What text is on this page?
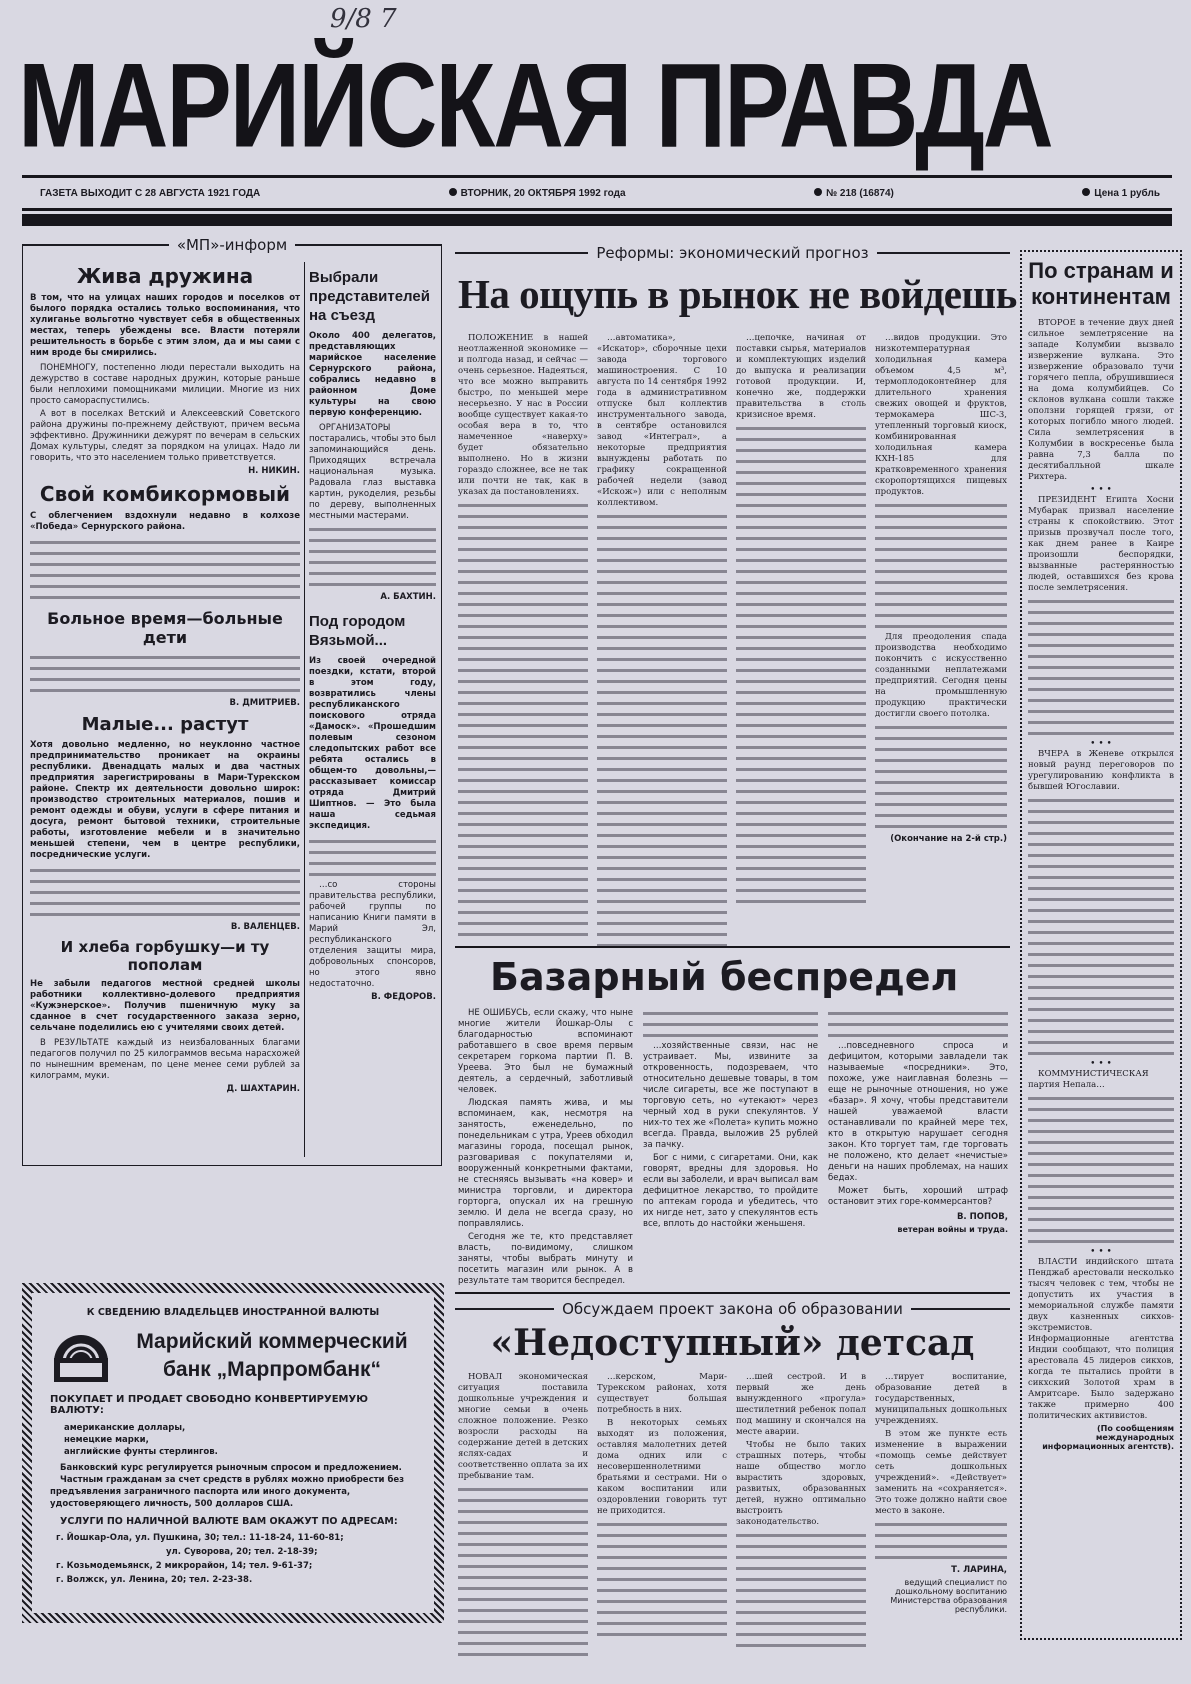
9/8 7
МАРИЙСКАЯ ПРАВДА
ГАЗЕТА ВЫХОДИТ С 28 АВГУСТА 1921 ГОДА	ВТОРНИК, 20 ОКТЯБРЯ 1992 года	№ 218 (16874)	Цена 1 рубль
«МП»-информ
Жива дружина
В том, что на улицах наших городов и поселков от былого порядка остались только воспоминания, что хулиганье вольготно чувствует себя в общественных местах, теперь убеждены все. Власти потеряли решительность в борьбе с этим злом, да и мы сами с ним вроде бы смирились.
ПОНЕМНОГУ, постепенно люди перестали выходить на дежурство в составе народных дружин, которые раньше были неплохими помощниками милиции. Многие из них просто самораспустились.
А вот в поселках Ветский и Алексеевский Советского района дружины по-прежнему действуют, причем весьма эффективно. Дружинники дежурят по вечерам в сельских Домах культуры, следят за порядком на улицах. Надо ли говорить, что это населением только приветствуется.
Н. НИКИН.
Свой комбикормовый
С облегчением вздохнули недавно в колхозе «Победа» Сернурского района.
Больное время—больные дети
В. ДМИТРИЕВ.
Малые... растут
Хотя довольно медленно, но неуклонно частное предпринимательство проникает на окраины республики. Двенадцать малых и два частных предприятия зарегистрированы в Мари-Турекском районе. Спектр их деятельности довольно широк: производство строительных материалов, пошив и ремонт одежды и обуви, услуги в сфере питания и досуга, ремонт бытовой техники, строительные работы, изготовление мебели и в значительно меньшей степени, чем в центре республики, посреднические услуги.
В. ВАЛЕНЦЕВ.
И хлеба горбушку—и ту пополам
Не забыли педагогов местной средней школы работники коллективно-долевого предприятия «Кужэнерское». Получив пшеничную муку за сданное в счет государственного заказа зерно, сельчане поделились ею с учителями своих детей.
В РЕЗУЛЬТАТЕ каждый из неизбалованных благами педагогов получил по 25 килограммов весьма нарасхожей по нынешним временам, по цене менее семи рублей за килограмм, муки.
Д. ШАХТАРИН.
Выбрали представителей на съезд
Около 400 делегатов, представляющих марийское население Сернурского района, собрались недавно в районном Доме культуры на свою первую конференцию.
ОРГАНИЗАТОРЫ постарались, чтобы это был запоминающийся день. Приходящих встречала национальная музыка. Радовала глаз выставка картин, рукоделия, резьбы по дереву, выполненных местными мастерами.
А. БАХТИН.
Под городом Вязьмой...
Из своей очередной поездки, кстати, второй в этом году, возвратились члены республиканского поискового отряда «Дамоск». «Прошедшим полевым сезоном следопытских работ все ребята остались в общем-то довольны,— рассказывает комиссар отряда Дмитрий Шиптнов. — Это была наша седьмая экспедиция.
…со стороны правительства республики, рабочей группы по написанию Книги памяти в Марий Эл, республиканского отделения защиты мира, добровольных спонсоров, но этого явно недостаточно.
В. ФЕДОРОВ.
Реформы: экономический прогноз
На ощупь в рынок не войдешь
ПОЛОЖЕНИЕ в нашей неотлаженной экономике — и полгода назад, и сейчас — очень серьезное. Надеяться, что все можно выправить быстро, по меньшей мере несерьезно. У нас в России вообще существует какая-то особая вера в то, что намеченное «наверху» будет обязательно выполнено. Но в жизни гораздо сложнее, все не так или почти не так, как в указах да постановлениях.
…автоматика», «Искатор», сборочные цехи завода торгового машиностроения. С 10 августа по 14 сентября 1992 года в административном отпуске был коллектив инструментального завода, в сентябре остановился завод «Интеграл», а некоторые предприятия вынуждены работать по графику сокращенной рабочей недели (завод «Искож») или с неполным коллективом.
…цепочке, начиная от поставки сырья, материалов и комплектующих изделий до выпуска и реализации готовой продукции. И, конечно же, поддержки правительства в столь кризисное время.
…видов продукции. Это низкотемпературная холодильная камера объемом 4,5 м³, термоплодоконтейнер для длительного хранения свежих овощей и фруктов, термокамера ШС-3, утепленный торговый киоск, комбинированная холодильная камера КХН-185 для кратковременного хранения скоропортящихся пищевых продуктов.
Для преодоления спада производства необходимо покончить с искусственно созданными неплатежами предприятий. Сегодня цены на промышленную продукцию практически достигли своего потолка.
(Окончание на 2-й стр.)
Базарный беспредел
НЕ ОШИБУСЬ, если скажу, что ныне многие жители Йошкар-Олы с благодарностью вспоминают работавшего в свое время первым секретарем горкома партии П. В. Уреева. Это был не бумажный деятель, а сердечный, заботливый человек.
Людская память жива, и мы вспоминаем, как, несмотря на занятость, еженедельно, по понедельникам с утра, Уреев обходил магазины города, посещал рынок, разговаривая с покупателями и, вооруженный конкретными фактами, не стесняясь вызывать «на ковер» и министра торговли, и директора горторга, опускал их на грешную землю. И дела не всегда сразу, но поправлялись.
Сегодня же те, кто представляет власть, по-видимому, слишком заняты, чтобы выбрать минуту и посетить магазин или рынок. А в результате там творится беспредел.
…хозяйственные связи, нас не устраивает. Мы, извините за откровенность, подозреваем, что относительно дешевые товары, в том числе сигареты, все же поступают в торговую сеть, но «утекают» через черный ход в руки спекулянтов. У них-то тех же «Полета» купить можно всегда. Правда, выложив 25 рублей за пачку.
Бог с ними, с сигаретами. Они, как говорят, вредны для здоровья. Но если вы заболели, и врач выписал вам дефицитное лекарство, то пройдите по аптекам города и убедитесь, что их нигде нет, зато у спекулянтов есть все, вплоть до настойки женьшеня.
…повседневного спроса и дефицитом, которыми завладели так называемые «посредники». Это, похоже, уже наиглавная болезнь — еще не рыночные отношения, но уже «базар». Я хочу, чтобы представители нашей уважаемой власти останавливали по крайней мере тех, кто в открытую нарушает сегодня закон. Кто торгует там, где торговать не положено, кто делает «нечистые» деньги на наших проблемах, на наших бедах.
Может быть, хороший штраф остановит этих горе-коммерсантов?
В. ПОПОВ,
ветеран войны и труда.
Обсуждаем проект закона об образовании
«Недоступный» детсад
НОВАЛ экономическая ситуация поставила дошкольные учреждения и многие семьи в очень сложное положение. Резко возросли расходы на содержание детей в детских яслях-садах и соответственно оплата за их пребывание там.
…керском, Мари-Турекском районах, хотя существует большая потребность в них.
В некоторых семьях выходят из положения, оставляя малолетних детей дома одних или с несовершеннолетними братьями и сестрами. Ни о каком воспитании или оздоровлении говорить тут не приходится.
…шей сестрой. И в первый же день вынужденного «прогула» шестилетний ребенок попал под машину и скончался на месте аварии.
Чтобы не было таких страшных потерь, чтобы наше общество могло вырастить здоровых, развитых, образованных детей, нужно оптимально выстроить законодательство.
…тирует воспитание, образование детей в государственных, муниципальных дошкольных учреждениях.
В этом же пункте есть изменение в выражении «помощь семье действует сеть дошкольных учреждений». «Действует» заменить на «сохраняется». Это тоже должно найти свое место в законе.
Т. ЛАРИНА,
ведущий специалист по дошкольному воспитанию Министерства образования республики.
По странам и континентам
ВТОРОЕ в течение двух дней сильное землетрясение на западе Колумбии вызвало извержение вулкана. Это извержение образовало тучи горячего пепла, обрушившиеся на дома колумбийцев. Со склонов вулкана сошли также оползни горящей грязи, от которых погибло много людей. Сила землетрясения в Колумбии в воскресенье была равна 7,3 балла по десятибалльной шкале Рихтера.
• • •
ПРЕЗИДЕНТ Египта Хосни Мубарак призвал население страны к спокойствию. Этот призыв прозвучал после того, как днем ранее в Каире произошли беспорядки, вызванные растерянностью людей, оставшихся без крова после землетрясения.
• • •
ВЧЕРА в Женеве открылся новый раунд переговоров по урегулированию конфликта в бывшей Югославии.
• • •
КОММУНИСТИЧЕСКАЯ партия Непала…
• • •
ВЛАСТИ индийского штата Пенджаб арестовали несколько тысяч человек с тем, чтобы не допустить их участия в мемориальной службе памяти двух казненных сикхов-экстремистов. Информационные агентства Индии сообщают, что полиция арестовала 45 лидеров сикхов, когда те пытались пройти в сикхский Золотой храм в Амритсаре. Было задержано также примерно 400 политических активистов.
(По сообщениям международных информационных агентств).
К СВЕДЕНИЮ ВЛАДЕЛЬЦЕВ ИНОСТРАННОЙ ВАЛЮТЫ
Марийский коммерческий
банк „Марпромбанк“
ПОКУПАЕТ И ПРОДАЕТ СВОБОДНО КОНВЕРТИРУЕМУЮ ВАЛЮТУ:
американские доллары,
немецкие марки,
английские фунты стерлингов.
Банковский курс регулируется рыночным спросом и предложением.
Частным гражданам за счет средств в рублях можно приобрести без предъявления заграничного паспорта или иного документа, удостоверяющего личность, 500 долларов США.
УСЛУГИ ПО НАЛИЧНОЙ ВАЛЮТЕ ВАМ ОКАЖУТ ПО АДРЕСАМ:
г. Йошкар-Ола, ул. Пушкина, 30; тел.: 11-18-24, 11-60-81;
ул. Суворова, 20; тел. 2-18-39;
г. Козьмодемьянск, 2 микрорайон, 14; тел. 9-61-37;
г. Волжск, ул. Ленина, 20; тел. 2-23-38.
